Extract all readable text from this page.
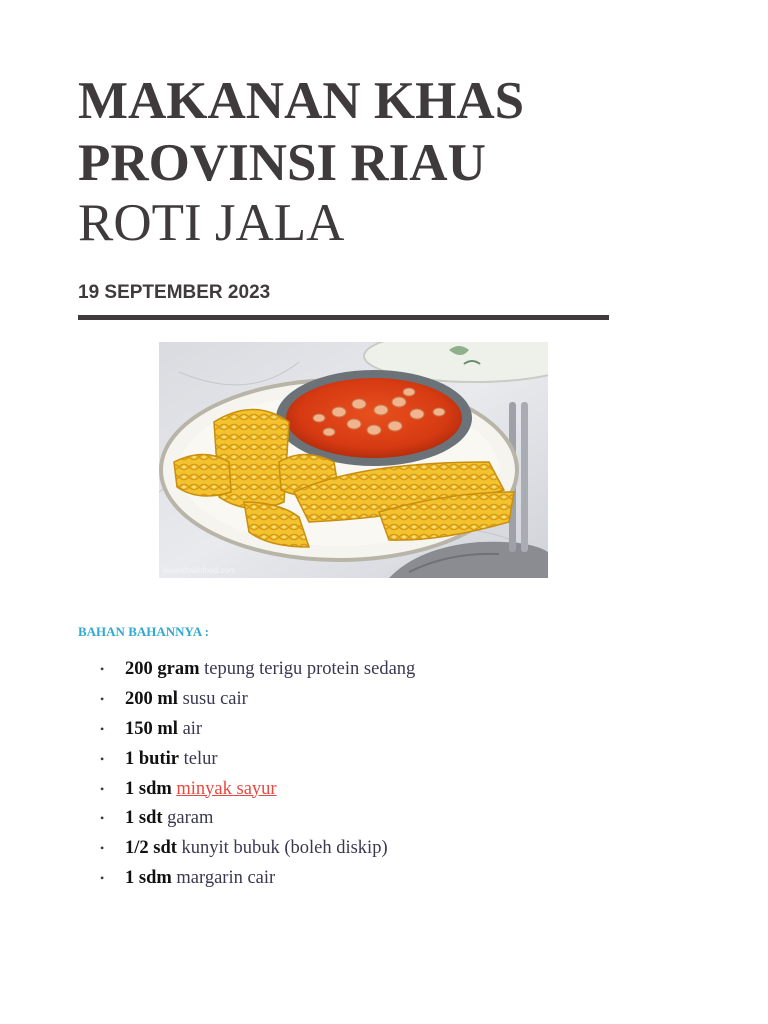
MAKANAN KHAS
PROVINSI RIAU
ROTI JALA
19 SEPTEMBER 2023
seasaltwithfood.com
BAHAN BAHANNYA :
• 200 gram tepung terigu protein sedang
• 200 ml susu cair
• 150 ml air
• 1 butir telur
• 1 sdm minyak sayur
• 1 sdt garam
• 1/2 sdt kunyit bubuk (boleh diskip)
• 1 sdm margarin cair
